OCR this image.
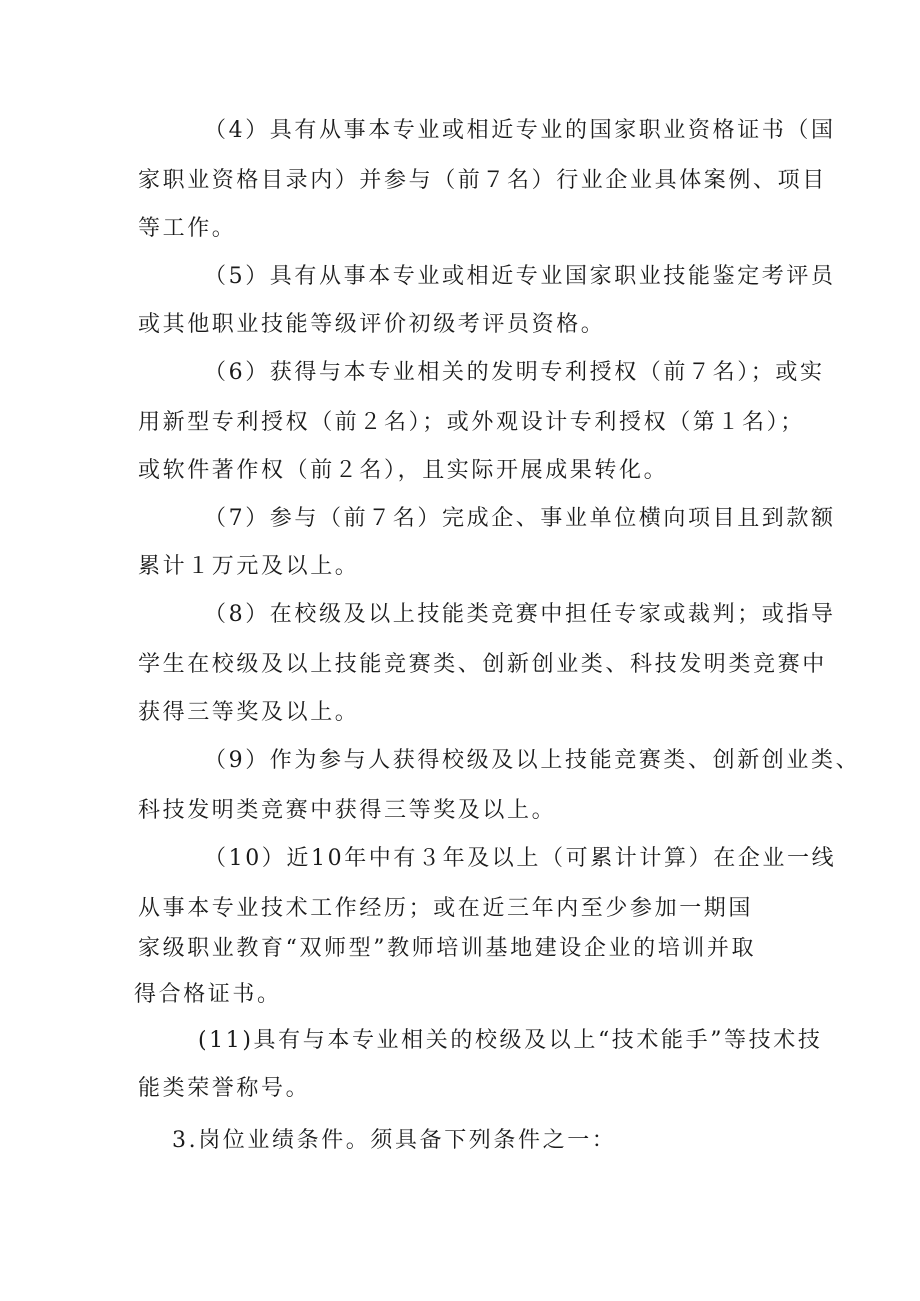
（4）具有从事本专业或相近专业的国家职业资格证书（国
家职业资格目录内）并参与（前７名）行业企业具体案例、项目
等工作。
（5）具有从事本专业或相近专业国家职业技能鉴定考评员
或其他职业技能等级评价初级考评员资格。
（6）获得与本专业相关的发明专利授权（前７名）；或实
用新型专利授权（前２名）；或外观设计专利授权（第１名）；
或软件著作权（前２名），且实际开展成果转化。
（7）参与（前７名）完成企、事业单位横向项目且到款额
累计１万元及以上。
（8）在校级及以上技能类竞赛中担任专家或裁判；或指导
学生在校级及以上技能竞赛类、创新创业类、科技发明类竞赛中
获得三等奖及以上。
（9）作为参与人获得校级及以上技能竞赛类、创新创业类、
科技发明类竞赛中获得三等奖及以上。
（10）近10年中有３年及以上（可累计计算）在企业一线
从事本专业技术工作经历；或在近三年内至少参加一期国
家级职业教育“双师型”教师培训基地建设企业的培训并取
得合格证书。
(11)具有与本专业相关的校级及以上“技术能手”等技术技
能类荣誉称号。
3.岗位业绩条件。须具备下列条件之一：
